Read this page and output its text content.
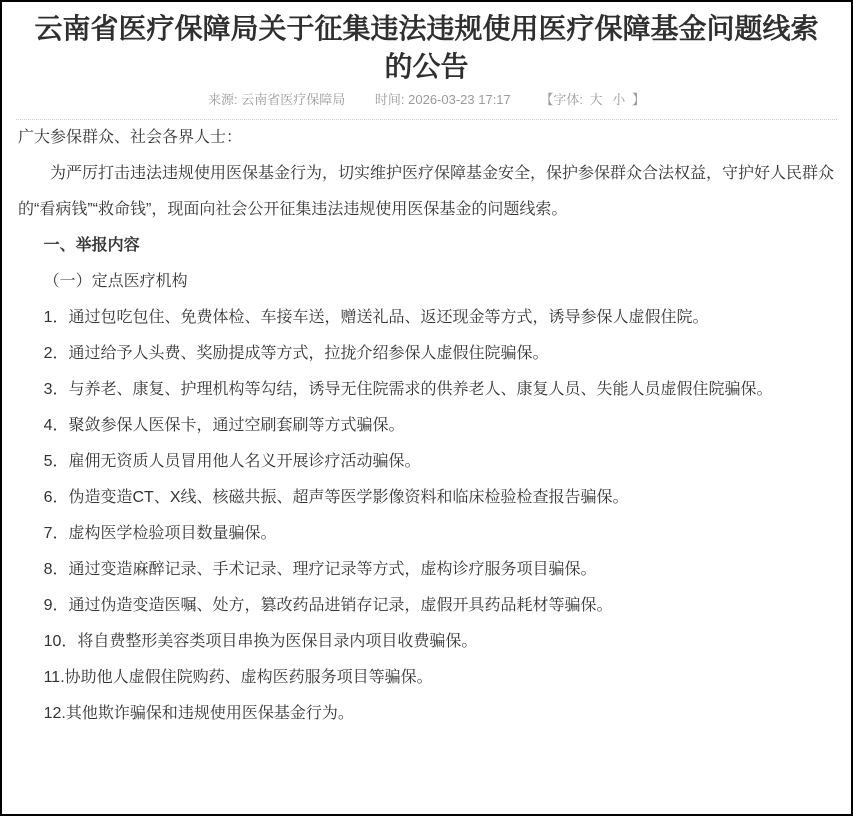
云南省医疗保障局关于征集违法违规使用医疗保障基金问题线索的公告
来源: 云南省医疗保障局 时间: 2026-03-23 17:17 【字体: 大 小 】

广大参保群众、社会各界人士：

为严厉打击违法违规使用医保基金行为，切实维护医疗保障基金安全，保护参保群众合法权益，守护好人民群众的“看病钱”“救命钱”，现面向社会公开征集违法违规使用医保基金的问题线索。

一、举报内容

（一）定点医疗机构

1．通过包吃包住、免费体检、车接车送，赠送礼品、返还现金等方式，诱导参保人虚假住院。

2．通过给予人头费、奖励提成等方式，拉拢介绍参保人虚假住院骗保。

3．与养老、康复、护理机构等勾结，诱导无住院需求的供养老人、康复人员、失能人员虚假住院骗保。

4．聚敛参保人医保卡，通过空刷套刷等方式骗保。

5．雇佣无资质人员冒用他人名义开展诊疗活动骗保。

6．伪造变造CT、X线、核磁共振、超声等医学影像资料和临床检验检查报告骗保。

7．虚构医学检验项目数量骗保。

8．通过变造麻醉记录、手术记录、理疗记录等方式，虚构诊疗服务项目骗保。

9．通过伪造变造医嘱、处方，篡改药品进销存记录，虚假开具药品耗材等骗保。

10．将自费整形美容类项目串换为医保目录内项目收费骗保。

11.协助他人虚假住院购药、虚构医药服务项目等骗保。

12.其他欺诈骗保和违规使用医保基金行为。
